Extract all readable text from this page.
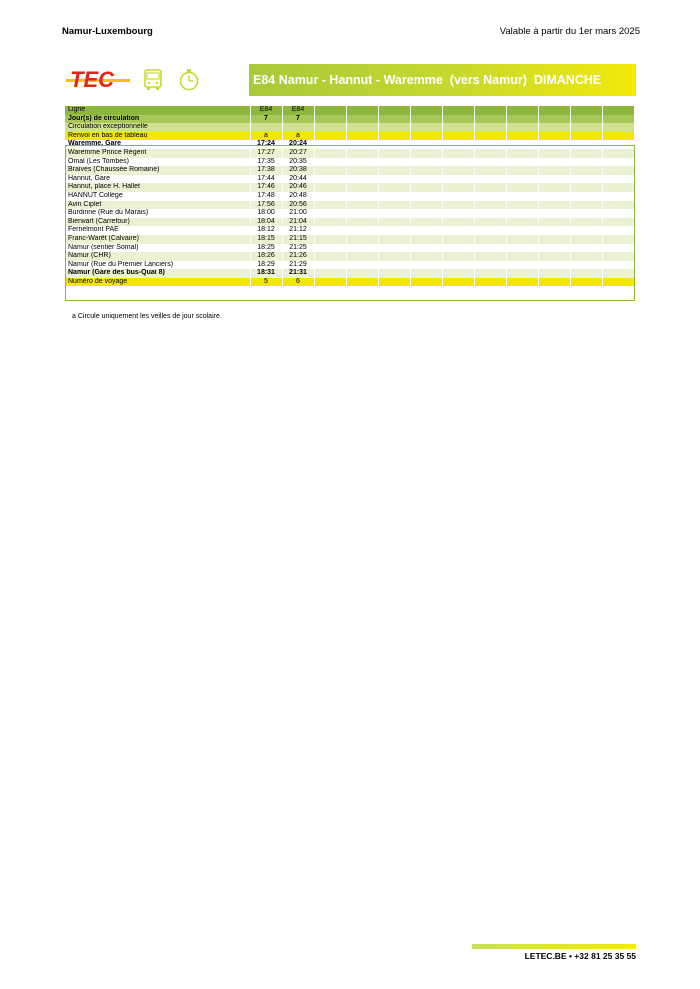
Namur-Luxembourg	Valable à partir du 1er mars 2025
TEC	E84 Namur - Hannut - Waremme  (vers Namur)  DIMANCHE
Ligne	E84	E84										
Jour(s) de circulation	7	7										
Circulation exceptionnelle												
Renvoi en bas de tableau	a	a										
Waremme, Gare	17:24	20:24										
Waremme Prince Régent	17:27	20:27										
Omal (Les Tombes)	17:35	20:35										
Braives (Chaussée Romaine)	17:38	20:38										
Hannut, Gare	17:44	20:44										
Hannut, place H. Hallet	17:46	20:46										
HANNUT Collège	17:48	20:48										
Avin Ciplet	17:56	20:56										
Burdinne (Rue du Marais)	18:00	21:00										
Bierwart (Carrefour)	18:04	21:04										
Fernelmont PAE	18:12	21:12										
Franc-Warêt (Calvaire)	18:15	21:15										
Namur (sentier Somal)	18:25	21:25										
Namur (CHR)	18:26	21:26										
Namur (Rue du Premier Lanciers)	18:29	21:29										
Namur (Gare des bus-Quai 8)	18:31	21:31										
Numéro de voyage	5	6										
a Circule uniquement les veilles de jour scolaire.
LETEC.BE • +32 81 25 35 55
